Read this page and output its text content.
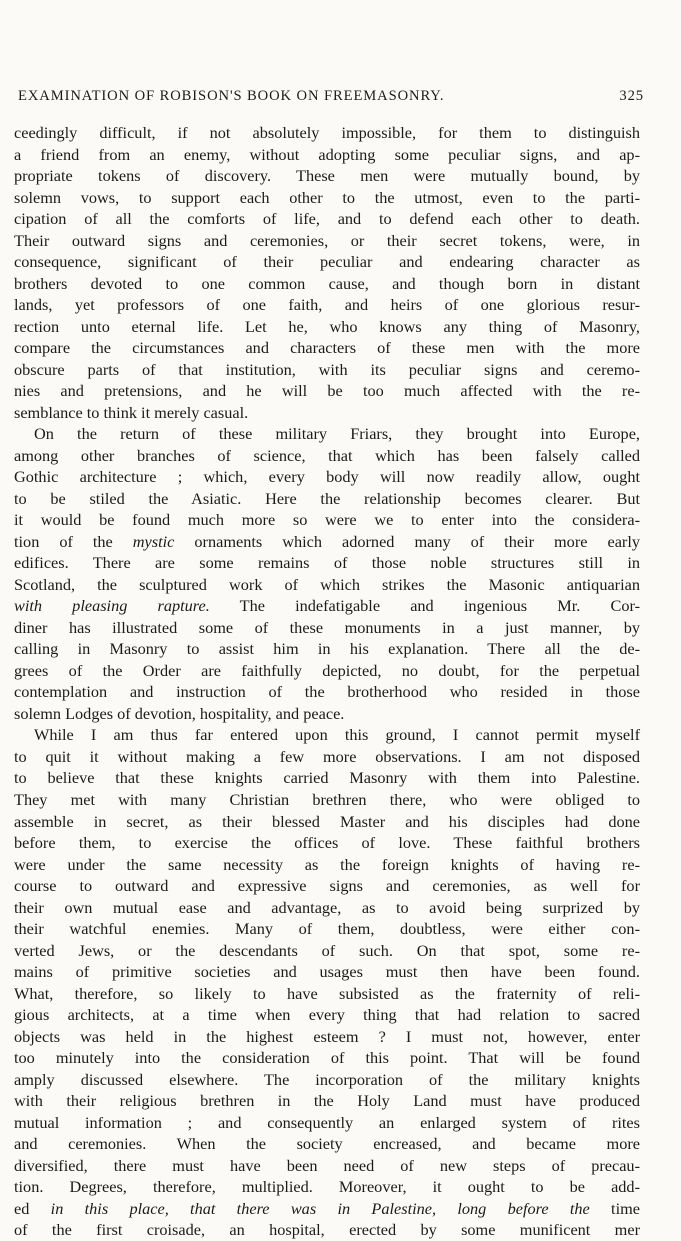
EXAMINATION OF ROBISON'S BOOK ON FREEMASONRY.	325
ceedingly difficult, if not absolutely impossible, for them to distinguish
a friend from an enemy, without adopting some peculiar signs, and ap-
propriate tokens of discovery. These men were mutually bound, by
solemn vows, to support each other to the utmost, even to the parti-
cipation of all the comforts of life, and to defend each other to death.
Their outward signs and ceremonies, or their secret tokens, were, in
consequence, significant of their peculiar and endearing character as
brothers devoted to one common cause, and though born in distant
lands, yet professors of one faith, and heirs of one glorious resur-
rection unto eternal life. Let he, who knows any thing of Masonry,
compare the circumstances and characters of these men with the more
obscure parts of that institution, with its peculiar signs and ceremo-
nies and pretensions, and he will be too much affected with the re-
semblance to think it merely casual.
On the return of these military Friars, they brought into Europe,
among other branches of science, that which has been falsely called
Gothic architecture ; which, every body will now readily allow, ought
to be stiled the Asiatic. Here the relationship becomes clearer. But
it would be found much more so were we to enter into the considera-
tion of the mystic ornaments which adorned many of their more early
edifices. There are some remains of those noble structures still in
Scotland, the sculptured work of which strikes the Masonic antiquarian
with pleasing rapture. The indefatigable and ingenious Mr. Cor-
diner has illustrated some of these monuments in a just manner, by
calling in Masonry to assist him in his explanation. There all the de-
grees of the Order are faithfully depicted, no doubt, for the perpetual
contemplation and instruction of the brotherhood who resided in those
solemn Lodges of devotion, hospitality, and peace.
While I am thus far entered upon this ground, I cannot permit myself
to quit it without making a few more observations. I am not disposed
to believe that these knights carried Masonry with them into Palestine.
They met with many Christian brethren there, who were obliged to
assemble in secret, as their blessed Master and his disciples had done
before them, to exercise the offices of love. These faithful brothers
were under the same necessity as the foreign knights of having re-
course to outward and expressive signs and ceremonies, as well for
their own mutual ease and advantage, as to avoid being surprized by
their watchful enemies. Many of them, doubtless, were either con-
verted Jews, or the descendants of such. On that spot, some re-
mains of primitive societies and usages must then have been found.
What, therefore, so likely to have subsisted as the fraternity of reli-
gious architects, at a time when every thing that had relation to sacred
objects was held in the highest esteem ? I must not, however, enter
too minutely into the consideration of this point. That will be found
amply discussed elsewhere. The incorporation of the military knights
with their religious brethren in the Holy Land must have produced
mutual information ; and consequently an enlarged system of rites
and ceremonies. When the society encreased, and became more
diversified, there must have been need of new steps of precau-
tion. Degrees, therefore, multiplied. Moreover, it ought to be add-
ed in this place, that there was in Palestine, long before the time
of the first croisade, an hospital, erected by some munificent mer
